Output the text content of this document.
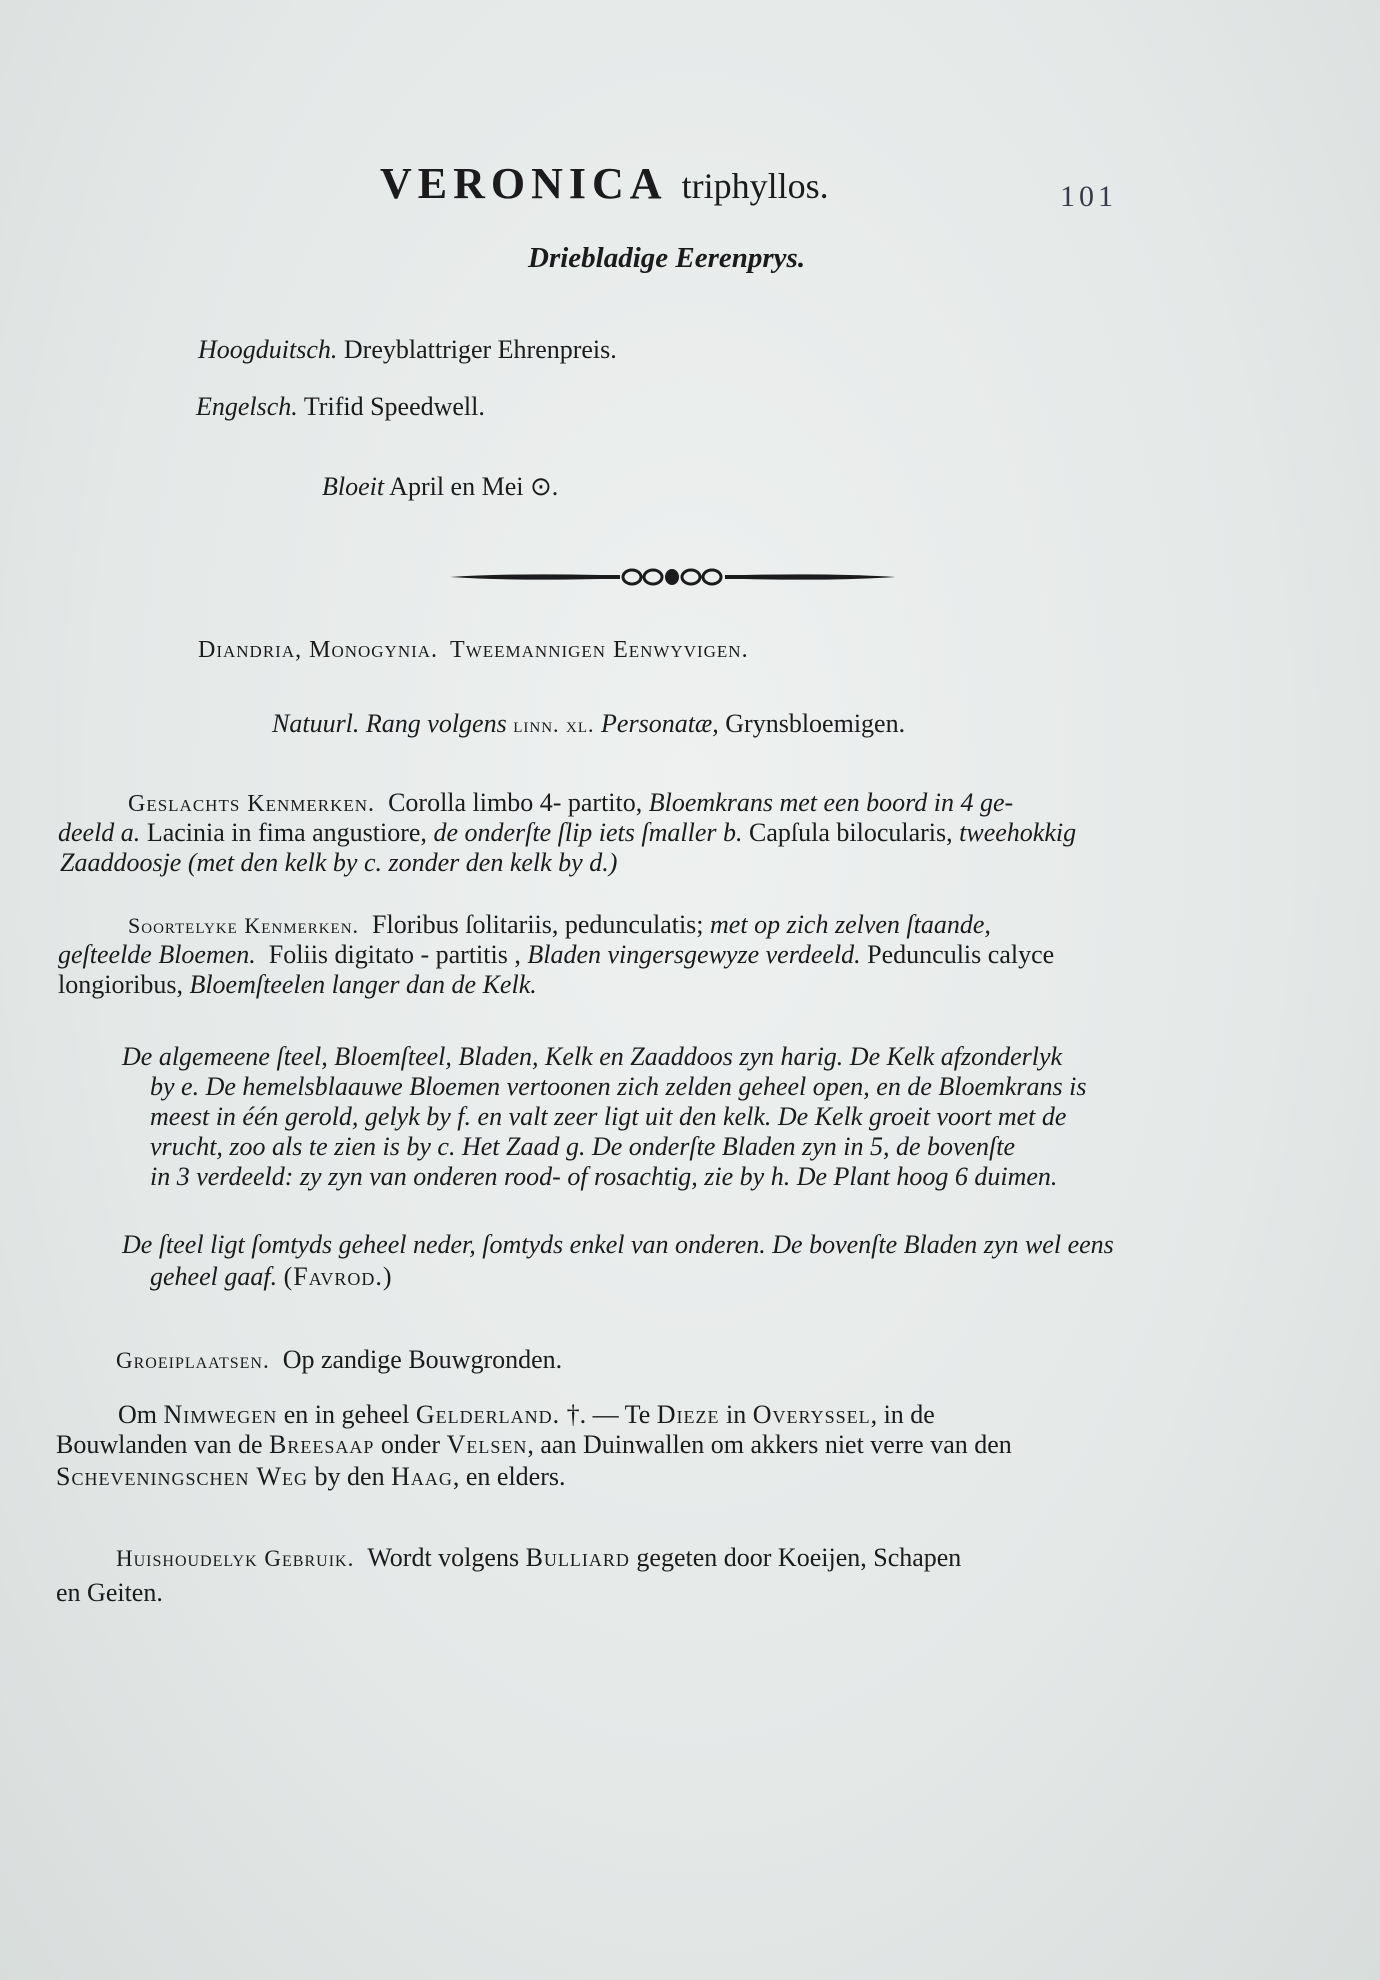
VERONICA triphyllos.	101
Driebladige Eerenprys.
Hoogduitsch. Dreyblattriger Ehrenpreis.
Engelsch. Trifid Speedwell.
Bloeit April en Mei ⊙.
Diandria, Monogynia. Tweemannigen Eenwyvigen.
Natuurl. Rang volgens linn. xl. Personatæ, Grynsbloemigen.
Geslachts Kenmerken. Corolla limbo 4- partito, Bloemkrans met een boord in 4 ge-
deeld a. Lacinia in fima angustiore, de onderſte ſlip iets ſmaller b. Capſula bilocularis, tweehokkig
Zaaddoosje (met den kelk by c. zonder den kelk by d.)
Soortelyke Kenmerken. Floribus ſolitariis, pedunculatis; met op zich zelven ſtaande,
geſteelde Bloemen. Foliis digitato - partitis , Bladen vingersgewyze verdeeld. Pedunculis calyce
longioribus, Bloemſteelen langer dan de Kelk.
De algemeene ſteel, Bloemſteel, Bladen, Kelk en Zaaddoos zyn harig. De Kelk afzonderlyk
by e. De hemelsblaauwe Bloemen vertoonen zich zelden geheel open, en de Bloemkrans is
meest in één gerold, gelyk by f. en valt zeer ligt uit den kelk. De Kelk groeit voort met de
vrucht, zoo als te zien is by c. Het Zaad g. De onderſte Bladen zyn in 5, de bovenſte
in 3 verdeeld: zy zyn van onderen rood- of rosachtig, zie by h. De Plant hoog 6 duimen.
De ſteel ligt ſomtyds geheel neder, ſomtyds enkel van onderen. De bovenſte Bladen zyn wel eens
geheel gaaf. (Favrod.)
Groeiplaatsen. Op zandige Bouwgronden.
Om Nimwegen en in geheel Gelderland. †. — Te Dieze in Overyssel, in de
Bouwlanden van de Breesaap onder Velsen, aan Duinwallen om akkers niet verre van den
Scheveningschen Weg by den Haag, en elders.
Huishoudelyk Gebruik. Wordt volgens Bulliard gegeten door Koeijen, Schapen
en Geiten.
